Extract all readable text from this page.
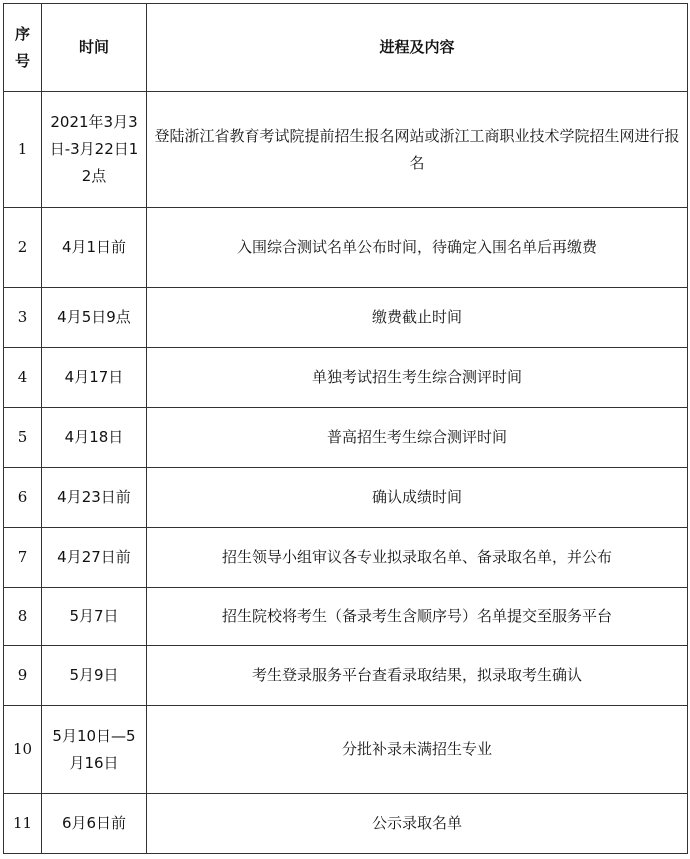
序号	时间	进程及内容
1	2021年3月3日-3月22日12点	登陆浙江省教育考试院提前招生报名网站或浙江工商职业技术学院招生网进行报名
2	4月1日前	入围综合测试名单公布时间，待确定入围名单后再缴费
3	4月5日9点	缴费截止时间
4	4月17日	单独考试招生考生综合测评时间
5	4月18日	普高招生考生综合测评时间
6	4月23日前	确认成绩时间
7	4月27日前	招生领导小组审议各专业拟录取名单、备录取名单，并公布
8	5月7日	招生院校将考生（备录考生含顺序号）名单提交至服务平台
9	5月9日	考生登录服务平台查看录取结果，拟录取考生确认
10	5月10日—5月16日	分批补录未满招生专业
11	6月6日前	公示录取名单
